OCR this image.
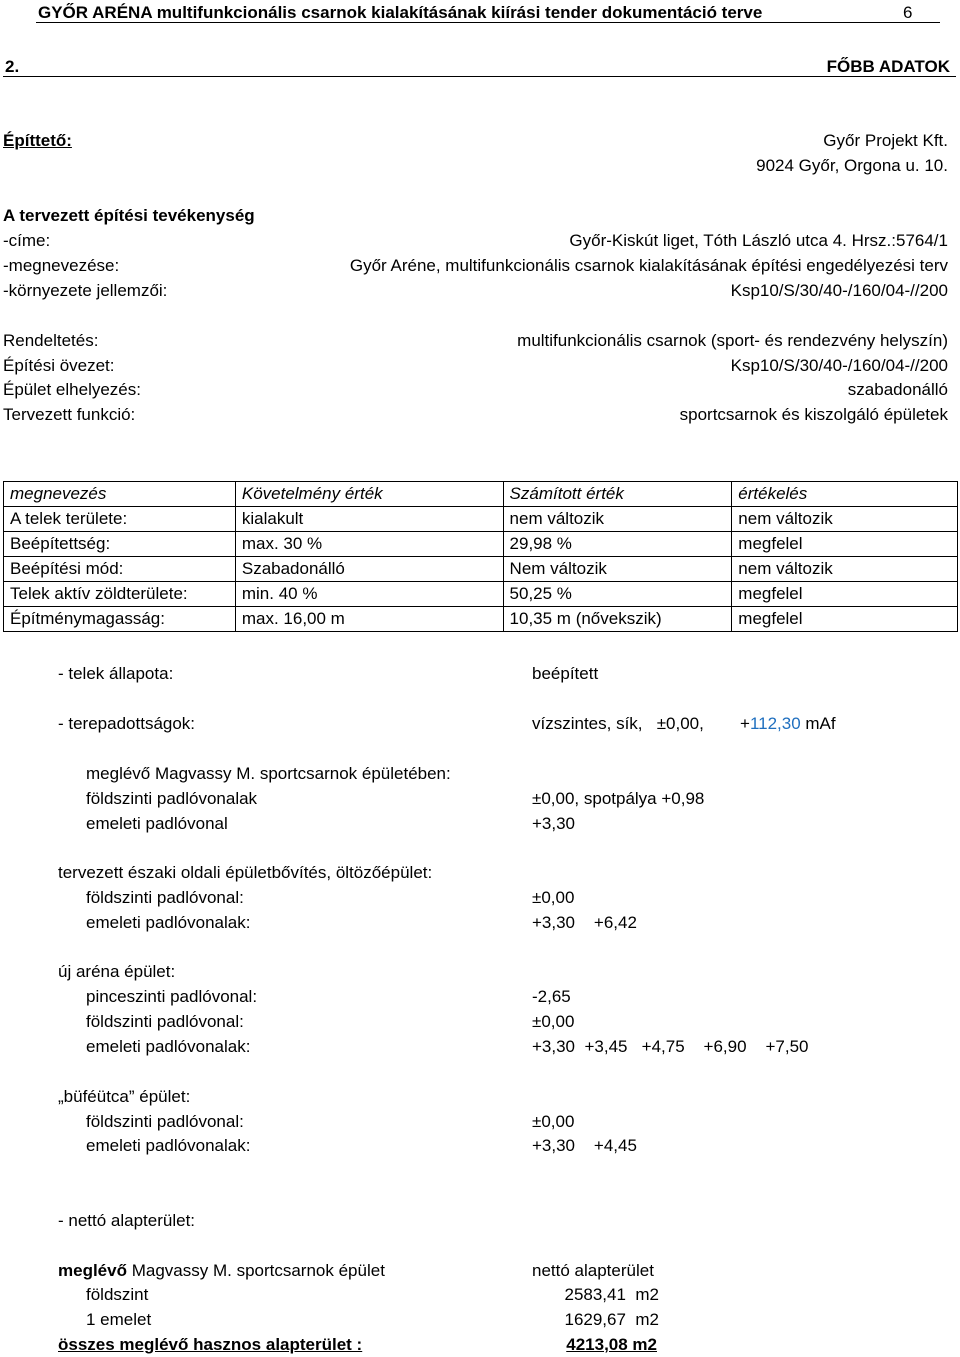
GYŐR ARÉNA multifunkcionális csarnok kialakításának kiírási tender dokumentáció terve	6
2.	FŐBB ADATOK
Építtető:	Győr Projekt Kft.
9024 Győr, Orgona u. 10.
A tervezett építési tevékenység
-címe:	Győr-Kiskút liget, Tóth László utca 4. Hrsz.:5764/1
-megnevezése:	Győr Aréne, multifunkcionális csarnok kialakításának építési engedélyezési terv
-környezete jellemzői:	Ksp10/S/30/40-/160/04-//200
Rendeltetés:	multifunkcionális csarnok (sport- és rendezvény helyszín)
Építési övezet:	Ksp10/S/30/40-/160/04-//200
Épület elhelyezés:	szabadonálló
Tervezett funkció:	sportcsarnok és kiszolgáló épületek
megnevezés	Követelmény érték	Számított érték	értékelés
A telek területe:	kialakult	nem változik	nem változik
Beépítettség:	max. 30 %	29,98 %	megfelel
Beépítési mód:	Szabadonálló	Nem változik	nem változik
Telek aktív zöldterülete:	min. 40 %	50,25 %	megfelel
Építménymagasság:	max. 16,00 m	10,35 m (nővekszik)	megfelel
- telek állapota:	beépített
- terepadottságok:	vízszintes, sík,   ±0,00, +112,30 mAf
meglévő Magvassy M. sportcsarnok épületében:
földszinti padlóvonalak	±0,00, spotpálya +0,98
emeleti padlóvonal	+3,30
tervezett északi oldali épületbővítés, öltözőépület:
földszinti padlóvonal:	±0,00
emeleti padlóvonalak:	+3,30    +6,42
új aréna épület:
pinceszinti padlóvonal:	-2,65
földszinti padlóvonal:	±0,00
emeleti padlóvonalak:	+3,30  +3,45   +4,75    +6,90    +7,50
„büféütca” épület:
földszinti padlóvonal:	±0,00
emeleti padlóvonalak:	+3,30    +4,45
- nettó alapterület:
meglévő Magvassy M. sportcsarnok épület	nettó alapterület
földszint	2583,41  m2
1 emelet	1629,67  m2
összes meglévő hasznos alapterület :	4213,08 m2
